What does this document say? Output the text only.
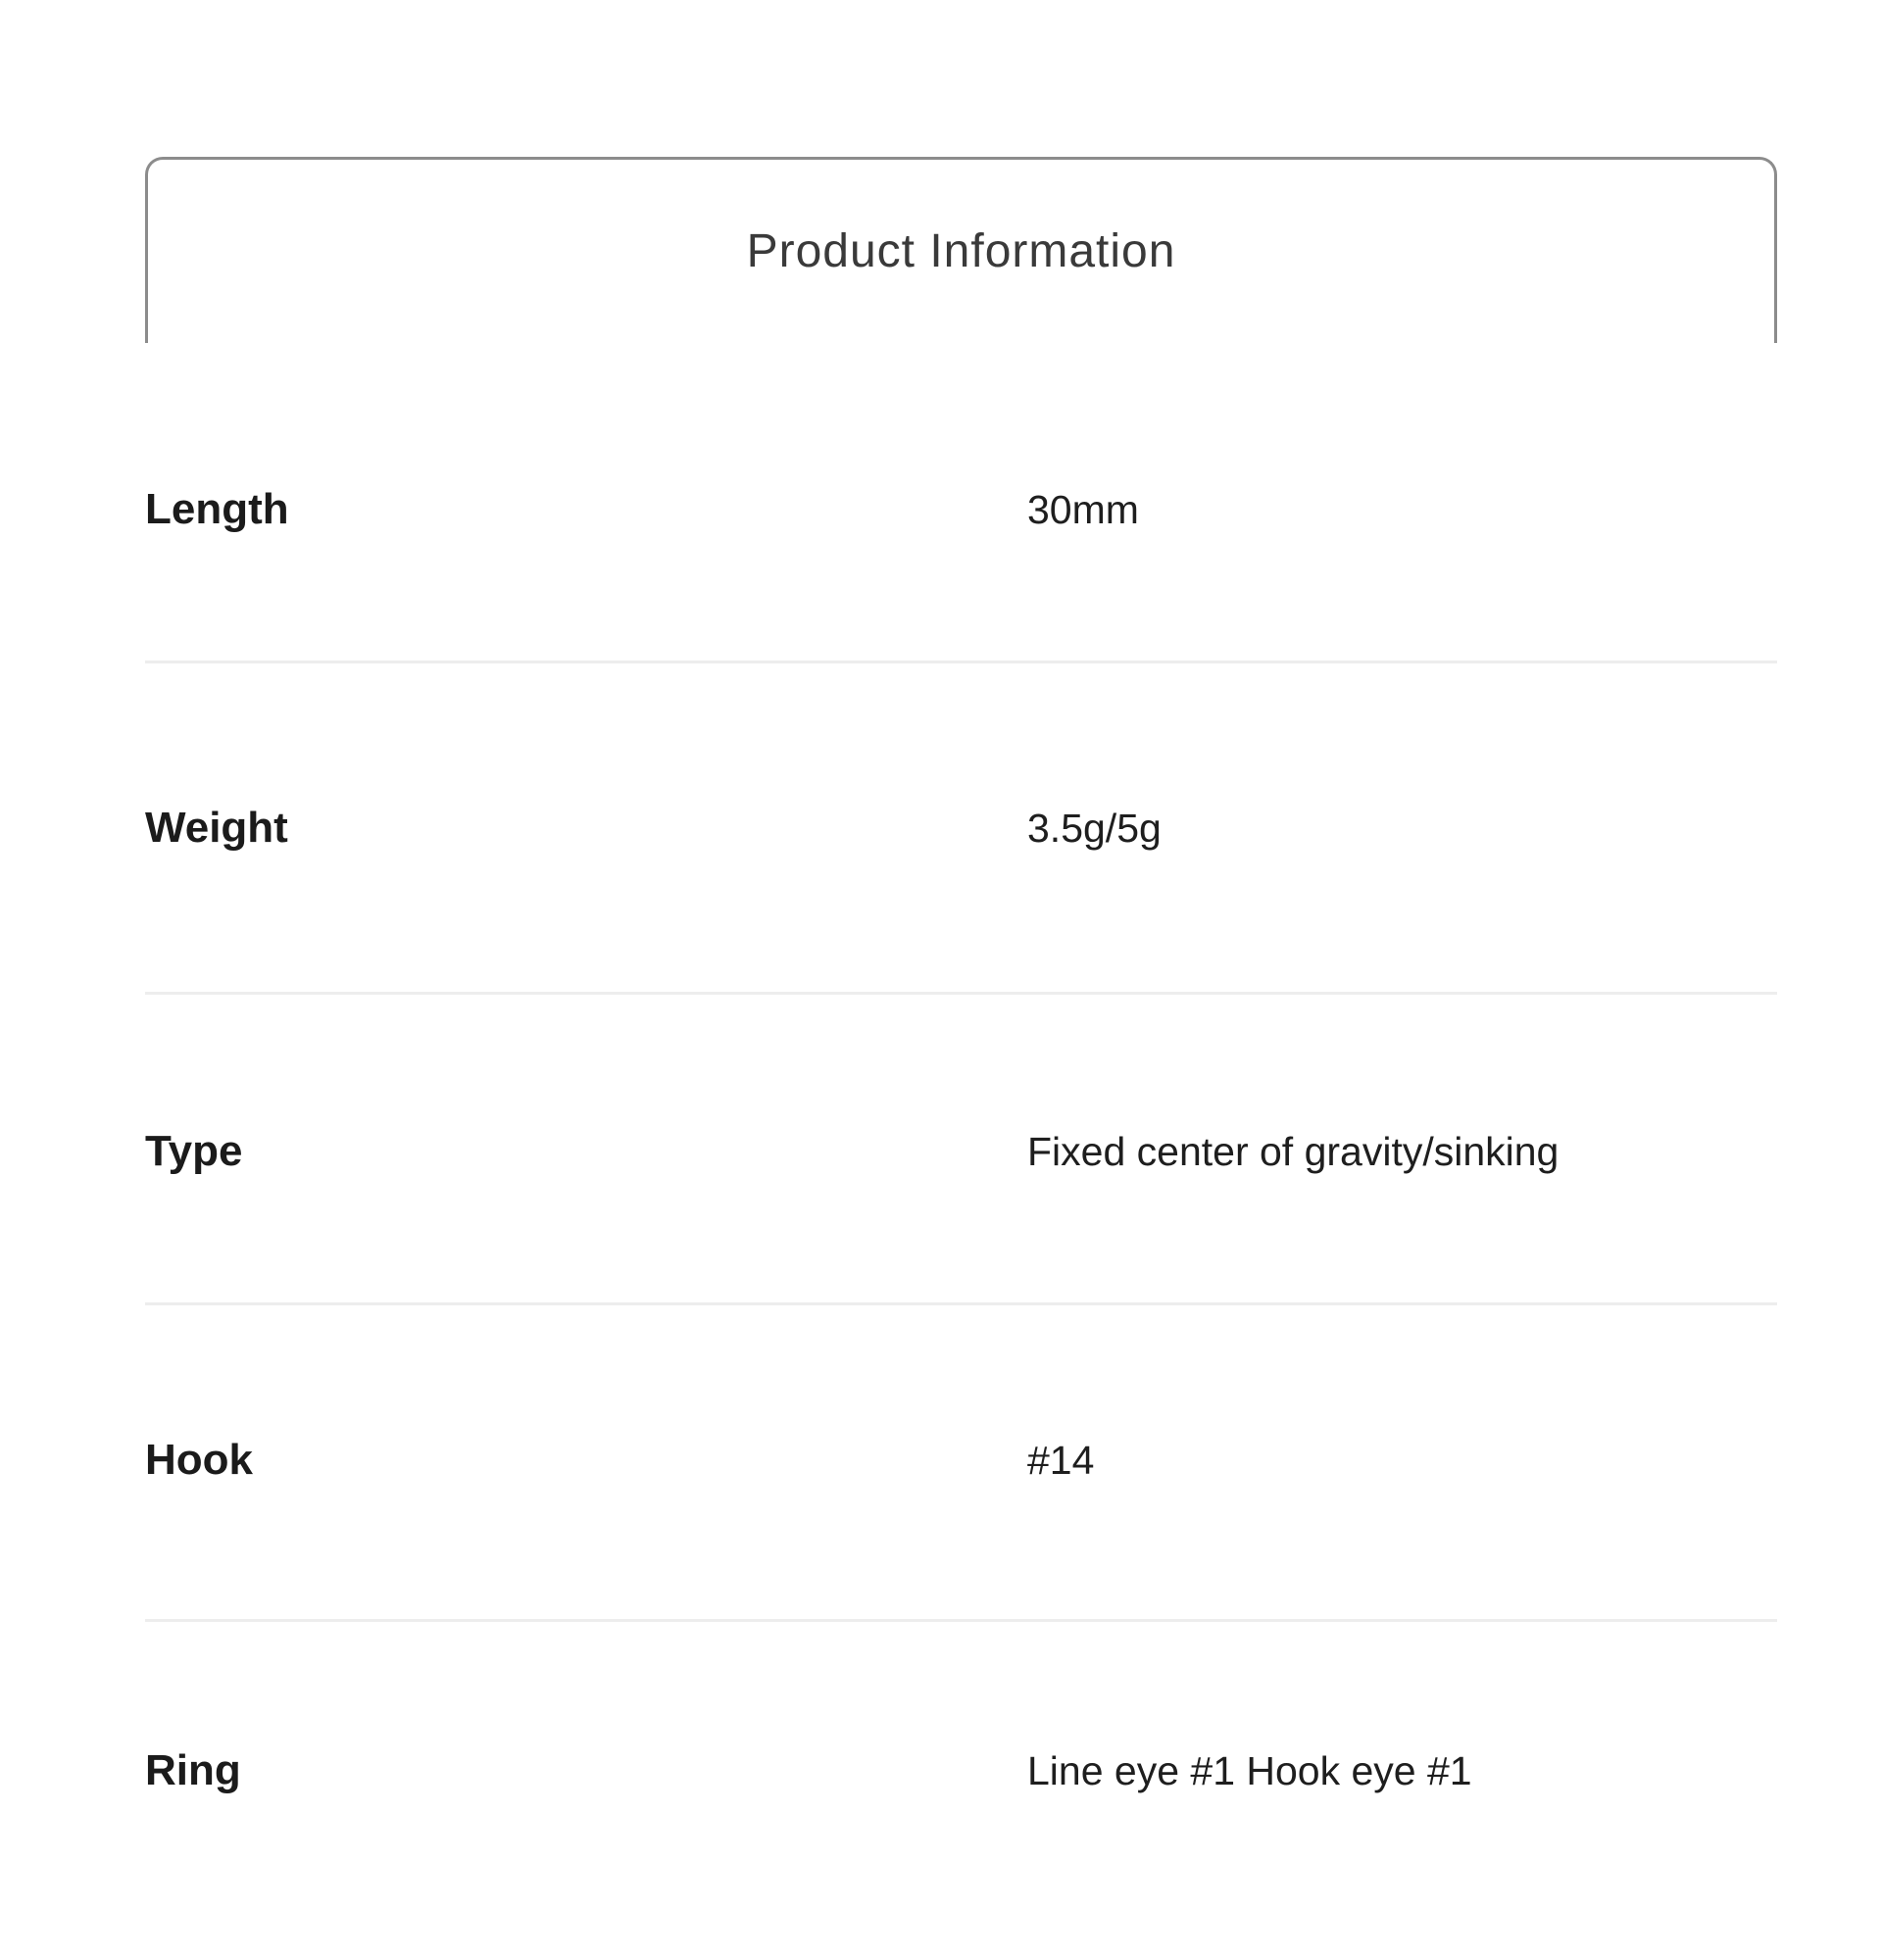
Product Information
Length	30mm
Weight	3.5g/5g
Type	Fixed center of gravity/sinking
Hook	#14
Ring	Line eye #1 Hook eye #1
